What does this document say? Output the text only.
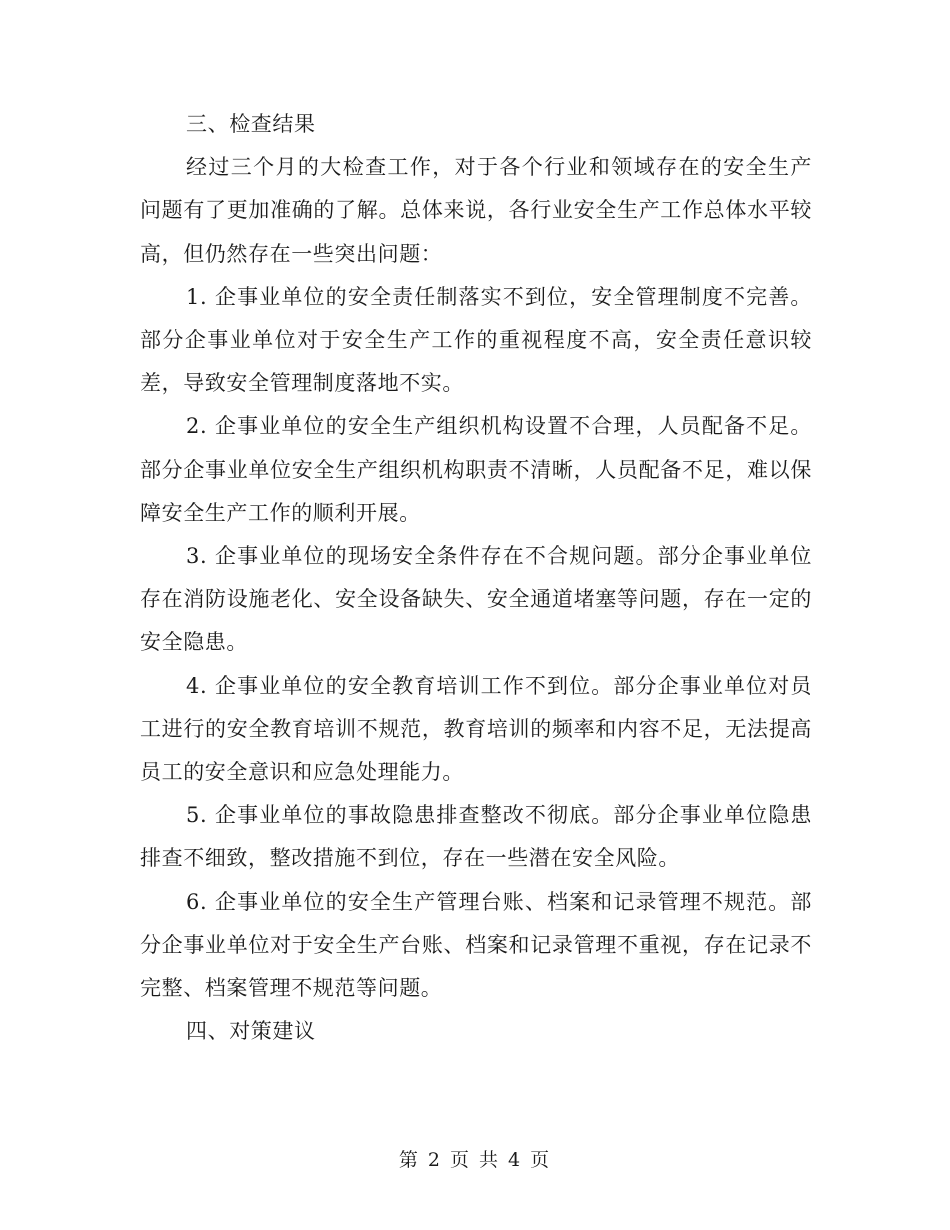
三、检查结果

经过三个月的大检查工作，对于各个行业和领域存在的安全生产问题有了更加准确的了解。总体来说，各行业安全生产工作总体水平较高，但仍然存在一些突出问题：

1. 企事业单位的安全责任制落实不到位，安全管理制度不完善。部分企事业单位对于安全生产工作的重视程度不高，安全责任意识较差，导致安全管理制度落地不实。

2. 企事业单位的安全生产组织机构设置不合理，人员配备不足。部分企事业单位安全生产组织机构职责不清晰，人员配备不足，难以保障安全生产工作的顺利开展。

3. 企事业单位的现场安全条件存在不合规问题。部分企事业单位存在消防设施老化、安全设备缺失、安全通道堵塞等问题，存在一定的安全隐患。

4. 企事业单位的安全教育培训工作不到位。部分企事业单位对员工进行的安全教育培训不规范，教育培训的频率和内容不足，无法提高员工的安全意识和应急处理能力。

5. 企事业单位的事故隐患排查整改不彻底。部分企事业单位隐患排查不细致，整改措施不到位，存在一些潜在安全风险。

6. 企事业单位的安全生产管理台账、档案和记录管理不规范。部分企事业单位对于安全生产台账、档案和记录管理不重视，存在记录不完整、档案管理不规范等问题。

四、对策建议

第 2 页 共 4 页
